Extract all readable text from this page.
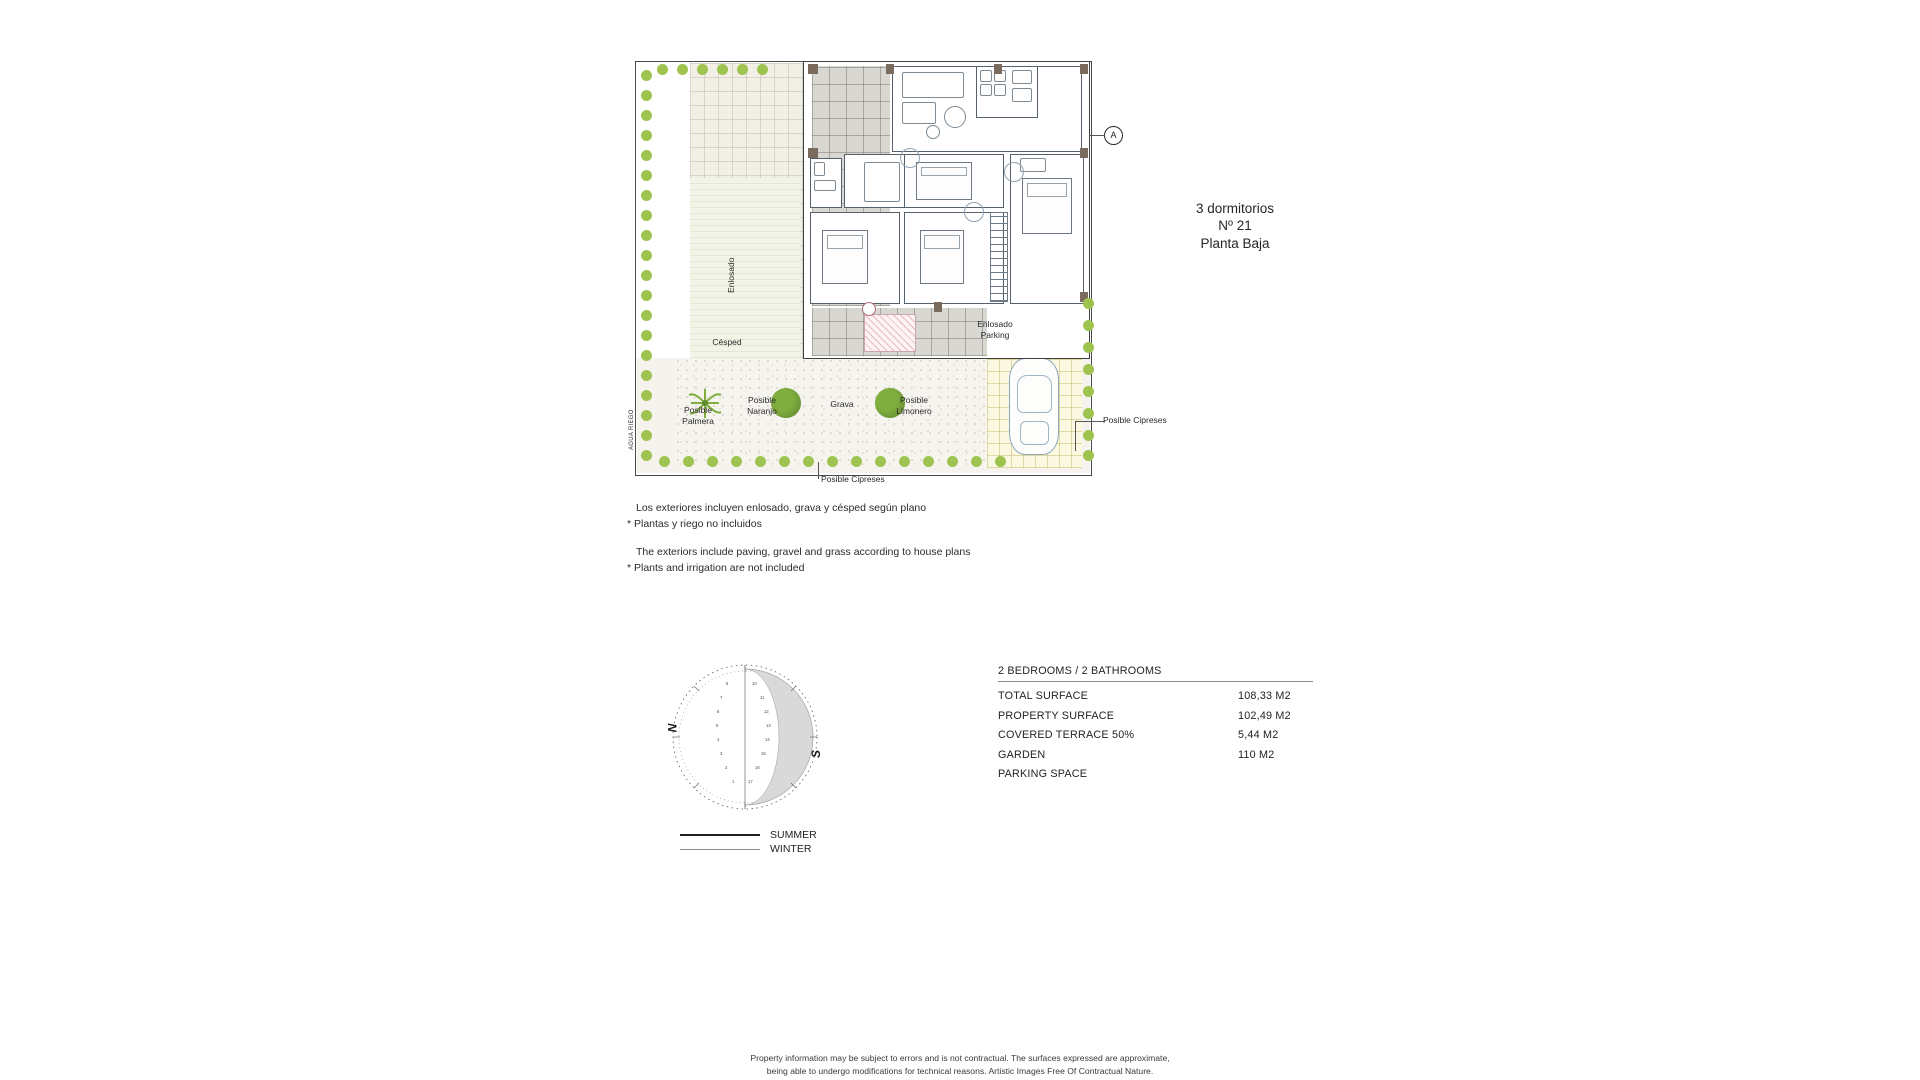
Enlosado
Césped
Enlosado
Parking
Grava
Posible
Palmera
Posible
Naranjo
Posible
Limonero
Posible Cipreses
Posible Cipreses
AGUA RIEGO
A
3 dormitorios
Nº 21
Planta Baja
Los exteriores incluyen enlosado, grava y césped según plano
* Plantas y riego no incluidos
The exteriors include paving, gravel and grass according to house plans
* Plants and irrigation are not included
10
11
12
13
14
15
16
17
8
7
6
5
4
3
2
1
N
S
SUMMER
WINTER
2 BEDROOMS / 2 BATHROOMS
TOTAL SURFACE	108,33 M2
PROPERTY SURFACE	102,49 M2
COVERED TERRACE 50%	5,44 M2
GARDEN	110 M2
PARKING SPACE
Property information may be subject to errors and is not contractual. The surfaces expressed are approximate,
being able to undergo modifications for technical reasons. Artistic Images Free Of Contractual Nature.
